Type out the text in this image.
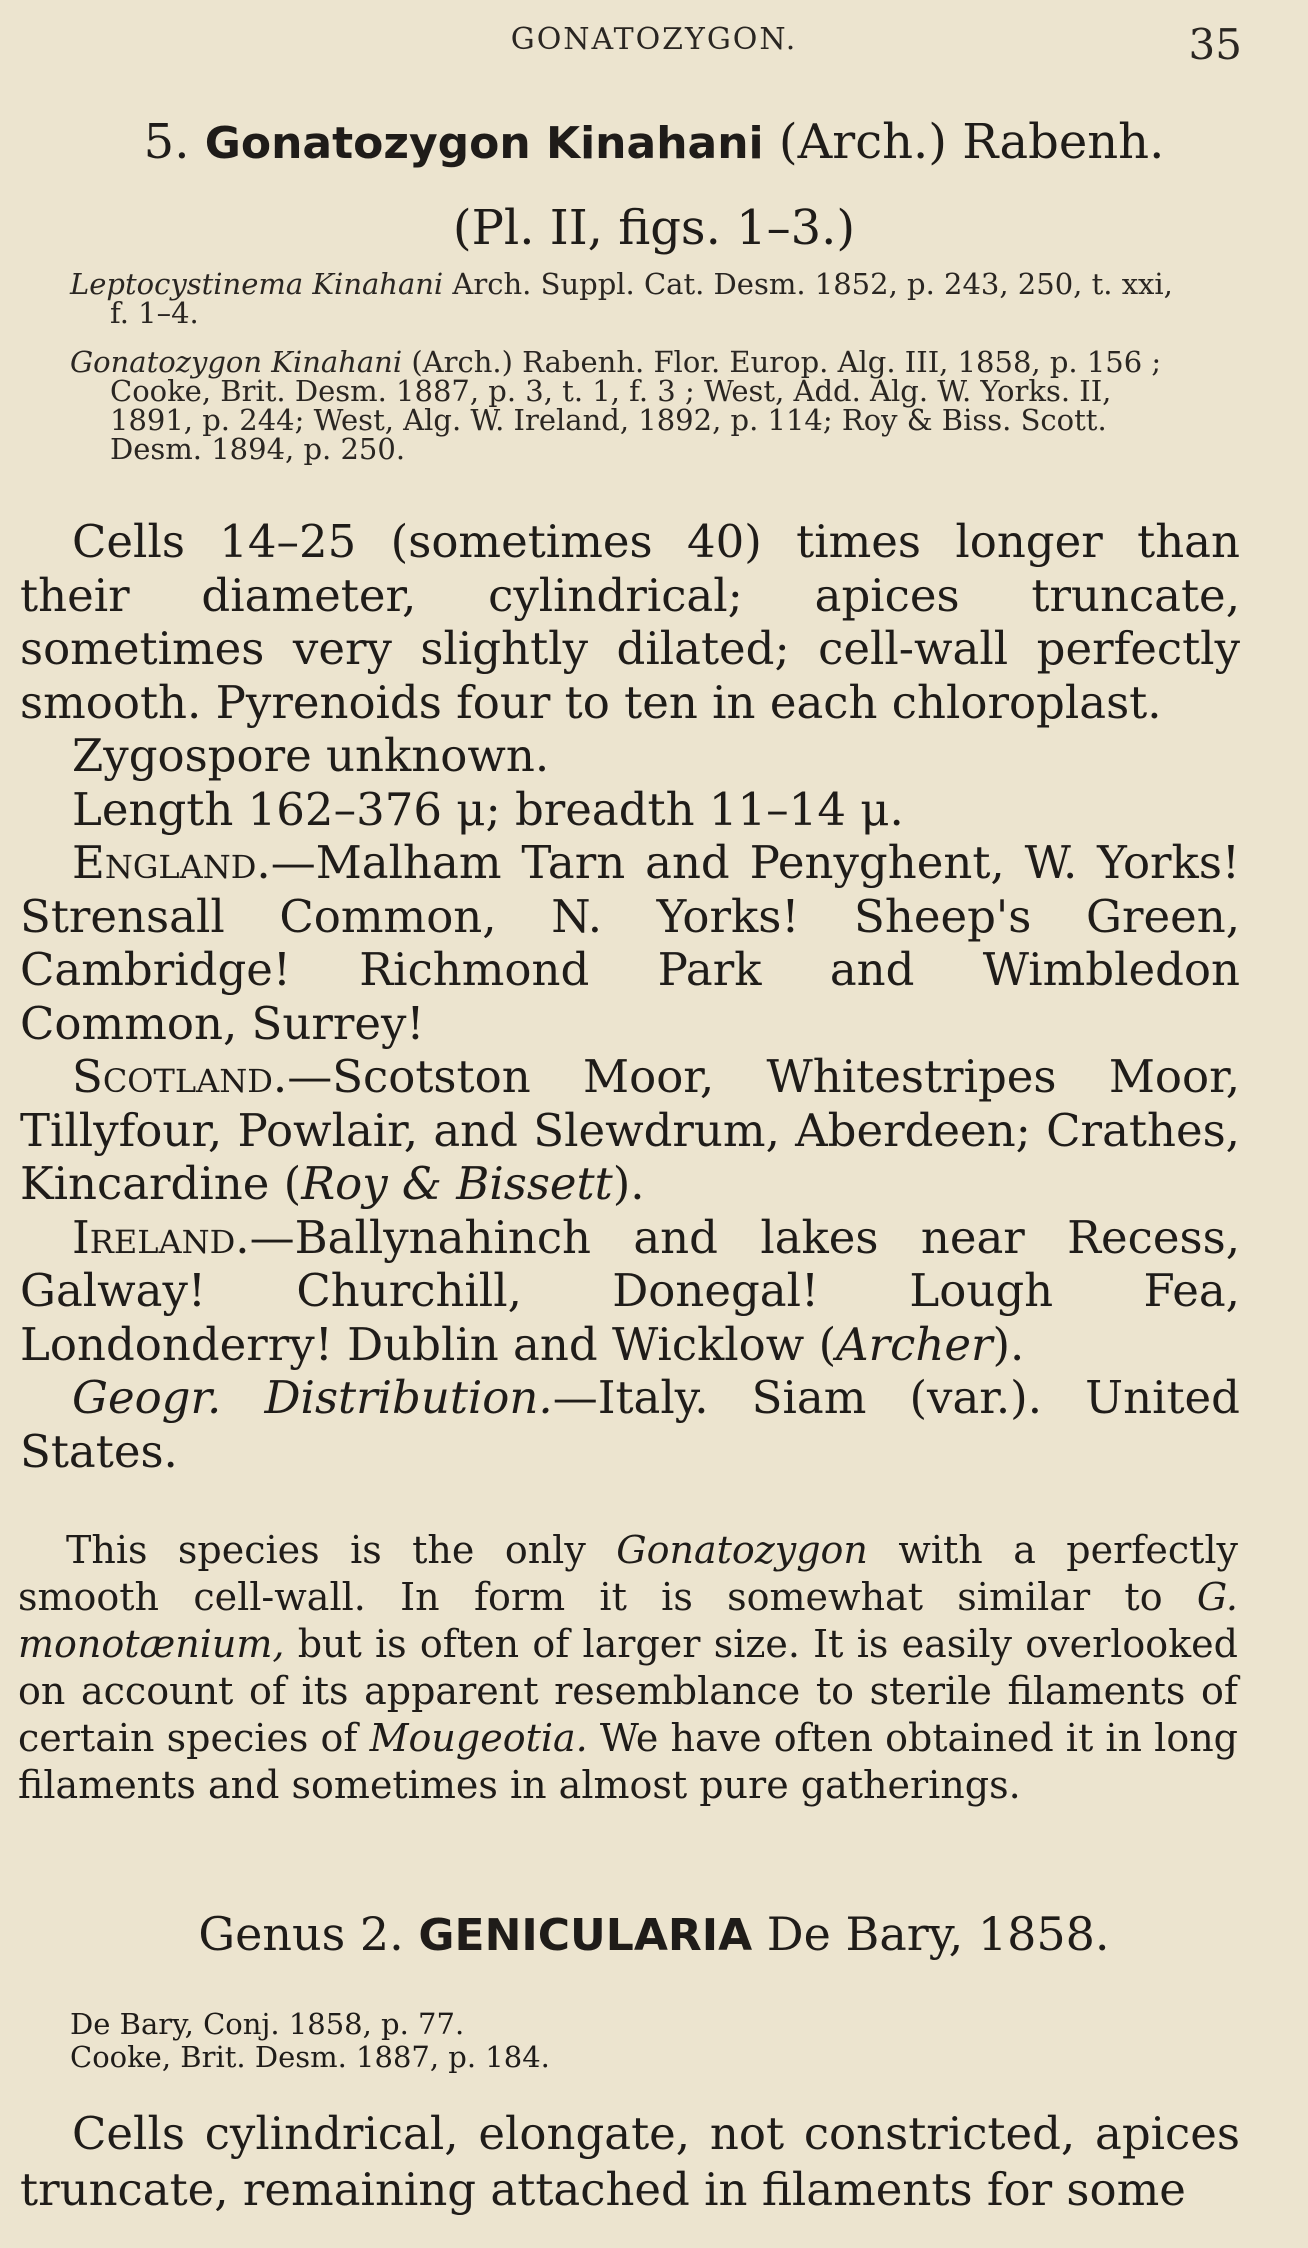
GONATOZYGON.	35
5. Gonatozygon Kinahani (Arch.) Rabenh.
(Pl. II, figs. 1–3.)

Leptocystinema Kinahani Arch. Suppl. Cat. Desm. 1852, p. 243, 250, t. xxi,

f. 1–4.

Gonatozygon Kinahani (Arch.) Rabenh. Flor. Europ. Alg. III, 1858, p. 156 ;

Cooke, Brit. Desm. 1887, p. 3, t. 1, f. 3 ; West, Add. Alg. W. Yorks. II,

1891, p. 244; West, Alg. W. Ireland, 1892, p. 114; Roy & Biss. Scott.

Desm. 1894, p. 250.

Cells 14–25 (sometimes 40) times longer than their diameter, cylindrical; apices truncate, sometimes very slightly dilated; cell-wall perfectly smooth. Pyrenoids four to ten in each chloroplast.

Zygospore unknown.

Length 162–376 μ; breadth 11–14 μ.

England.—Malham Tarn and Penyghent, W. Yorks! Strensall Common, N. Yorks! Sheep's Green, Cambridge! Richmond Park and Wimbledon Common, Surrey!

Scotland.—Scotston Moor, Whitestripes Moor, Tillyfour, Powlair, and Slewdrum, Aberdeen; Crathes, Kincardine (Roy & Bissett).

Ireland.—Ballynahinch and lakes near Recess, Galway! Churchill, Donegal! Lough Fea, Londonderry! Dublin and Wicklow (Archer).

Geogr. Distribution.—Italy. Siam (var.). United States.

This species is the only Gonatozygon with a perfectly smooth cell-wall. In form it is somewhat similar to G. monotænium, but is often of larger size. It is easily overlooked on account of its apparent resemblance to sterile filaments of certain species of Mougeotia. We have often obtained it in long filaments and sometimes in almost pure gatherings.

Genus 2. GENICULARIA De Bary, 1858.

De Bary, Conj. 1858, p. 77.

Cooke, Brit. Desm. 1887, p. 184.

Cells cylindrical, elongate, not constricted, apices truncate, remaining attached in filaments for some
